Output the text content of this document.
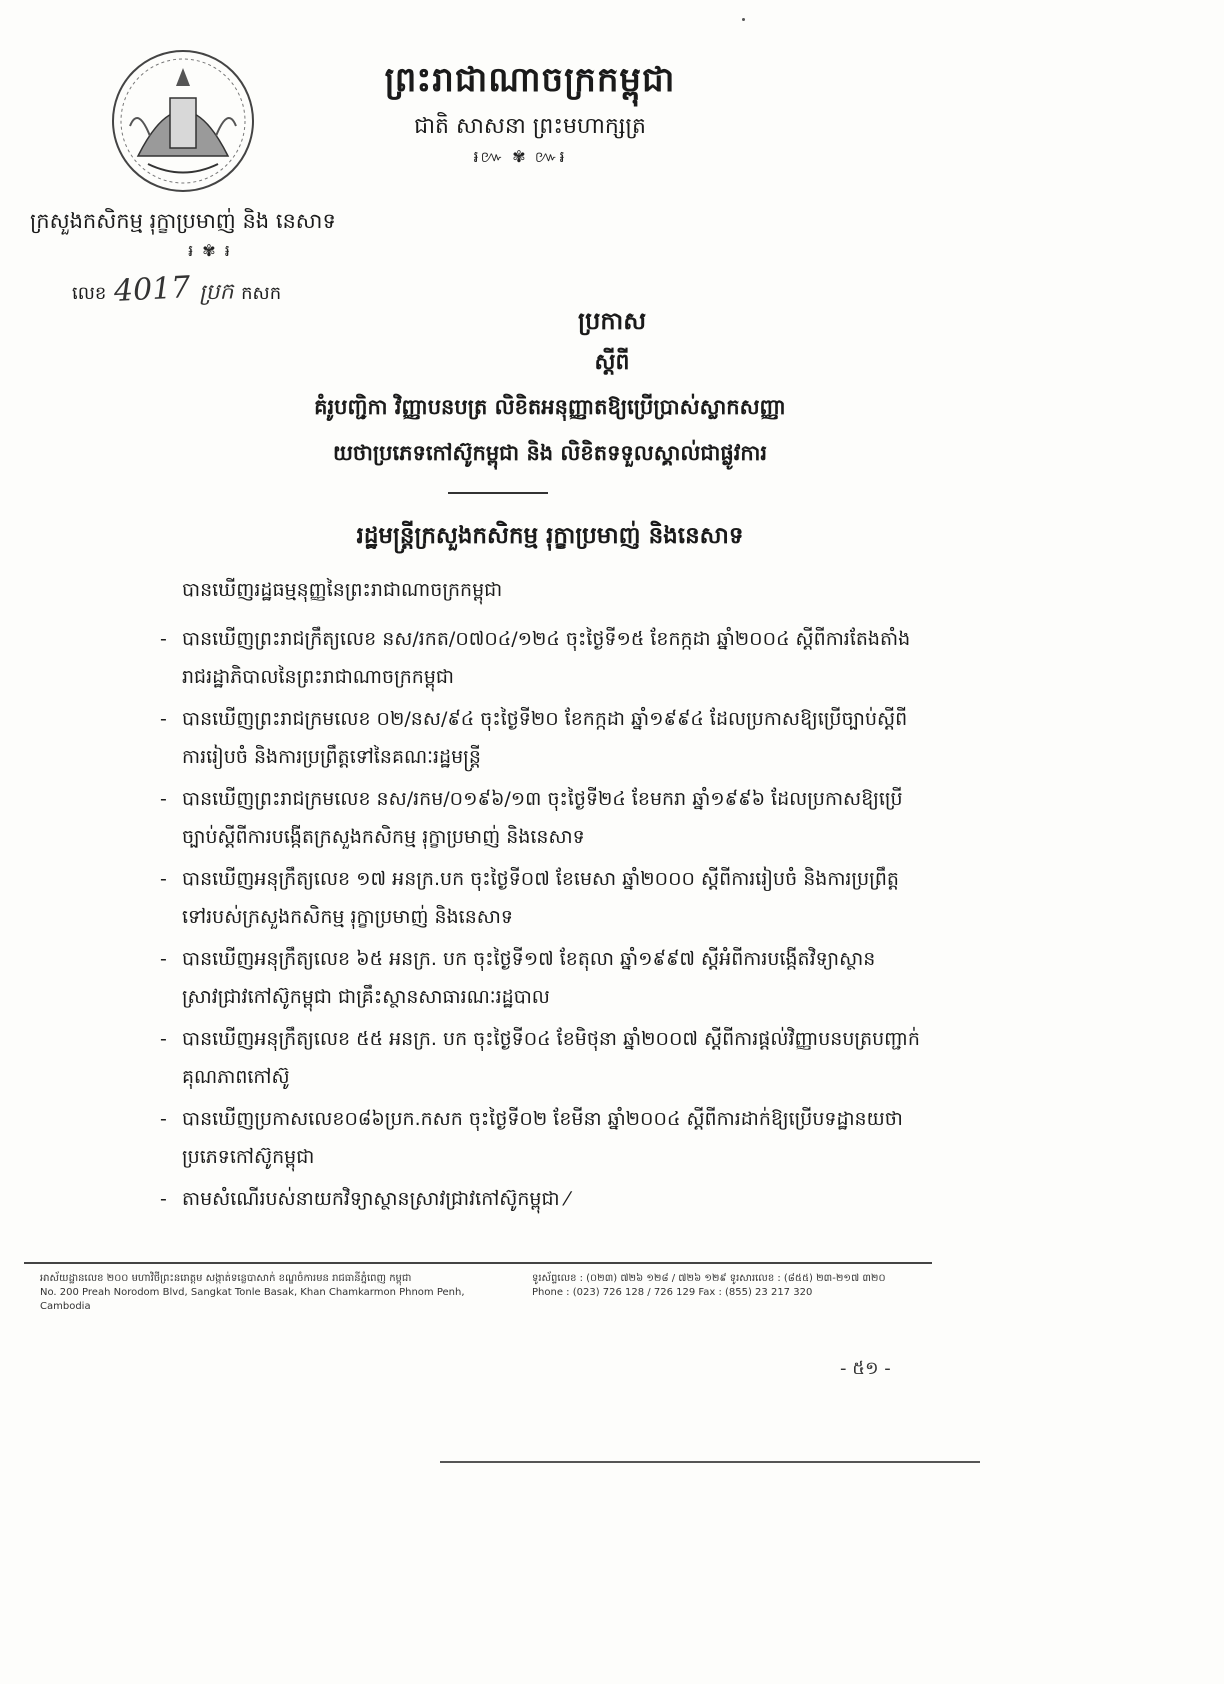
ព្រះរាជាណាចក្រកម្ពុជា
ជាតិ សាសនា ព្រះមហាក្សត្រ
៛៚ ✾ ៚៛
ក្រសួងកសិកម្ម រុក្ខាប្រមាញ់ និង នេសាទ
៛ ✾ ៛
លេខ 4017 ប្រក កសក
ប្រកាស
ស្តីពី
គំរូបញ្ជិកា វិញ្ញាបនបត្រ លិខិតអនុញ្ញាតឱ្យប្រើប្រាស់ស្លាកសញ្ញា
យថាប្រភេទកៅស៊ូកម្ពុជា និង លិខិតទទួលស្គាល់ជាផ្លូវការ
រដ្ឋមន្ត្រីក្រសួងកសិកម្ម រុក្ខាប្រមាញ់ និងនេសាទ
បានឃើញរដ្ឋធម្មនុញ្ញនៃព្រះរាជាណាចក្រកម្ពុជា
- បានឃើញព្រះរាជក្រឹត្យលេខ នស/រកត/០៧០៤/១២៤ ចុះថ្ងៃទី១៥ ខែកក្កដា ឆ្នាំ២០០៤ ស្តីពីការតែងតាំងរាជរដ្ឋាភិបាលនៃព្រះរាជាណាចក្រកម្ពុជា
- បានឃើញព្រះរាជក្រមលេខ ០២/នស/៩៤ ចុះថ្ងៃទី២០ ខែកក្កដា ឆ្នាំ១៩៩៤ ដែលប្រកាសឱ្យប្រើច្បាប់ស្តីពីការរៀបចំ និងការប្រព្រឹត្តទៅនៃគណៈរដ្ឋមន្ត្រី
- បានឃើញព្រះរាជក្រមលេខ នស/រកម/០១៩៦/១៣ ចុះថ្ងៃទី២៤ ខែមករា ឆ្នាំ១៩៩៦ ដែលប្រកាសឱ្យប្រើច្បាប់ស្តីពីការបង្កើតក្រសួងកសិកម្ម រុក្ខាប្រមាញ់ និងនេសាទ
- បានឃើញអនុក្រឹត្យលេខ ១៧ អនក្រ.បក ចុះថ្ងៃទី០៧ ខែមេសា ឆ្នាំ២០០០ ស្តីពីការរៀបចំ និងការប្រព្រឹត្តទៅរបស់ក្រសួងកសិកម្ម រុក្ខាប្រមាញ់ និងនេសាទ
- បានឃើញអនុក្រឹត្យលេខ ៦៥ អនក្រ. បក ចុះថ្ងៃទី១៧ ខែតុលា ឆ្នាំ១៩៩៧ ស្តីអំពីការបង្កើតវិទ្យាស្ថានស្រាវជ្រាវកៅស៊ូកម្ពុជា ជាគ្រឹះស្ថានសាធារណៈរដ្ឋបាល
- បានឃើញអនុក្រឹត្យលេខ ៥៥ អនក្រ. បក ចុះថ្ងៃទី០៤ ខែមិថុនា ឆ្នាំ២០០៧ ស្តីពីការផ្តល់វិញ្ញាបនបត្របញ្ជាក់គុណភាពកៅស៊ូ
- បានឃើញប្រកាសលេខ០៨៦ប្រក.កសក ចុះថ្ងៃទី០២ ខែមីនា ឆ្នាំ២០០៤ ស្តីពីការដាក់ឱ្យប្រើបទដ្ឋានយថាប្រភេទកៅស៊ូកម្ពុជា
- តាមសំណើរបស់នាយកវិទ្យាស្ថានស្រាវជ្រាវកៅស៊ូកម្ពុជា ⁄
អាស័យដ្ឋានលេខ ២០០ មហាវិថីព្រះនរោត្តម សង្កាត់ទន្លេបាសាក់ ខណ្ឌចំការមន រាជធានីភ្នំពេញ កម្ពុជា
No. 200 Preah Norodom Blvd, Sangkat Tonle Basak, Khan Chamkarmon Phnom Penh, Cambodia
ទូរស័ព្ទលេខ : (០២៣) ៧២៦ ១២៨ / ៧២៦ ១២៩ ទូរសារលេខ : (៨៥៥) ២៣-២១៧ ៣២០
Phone : (023) 726 128 / 726 129 Fax : (855) 23 217 320
- ៥១ -
